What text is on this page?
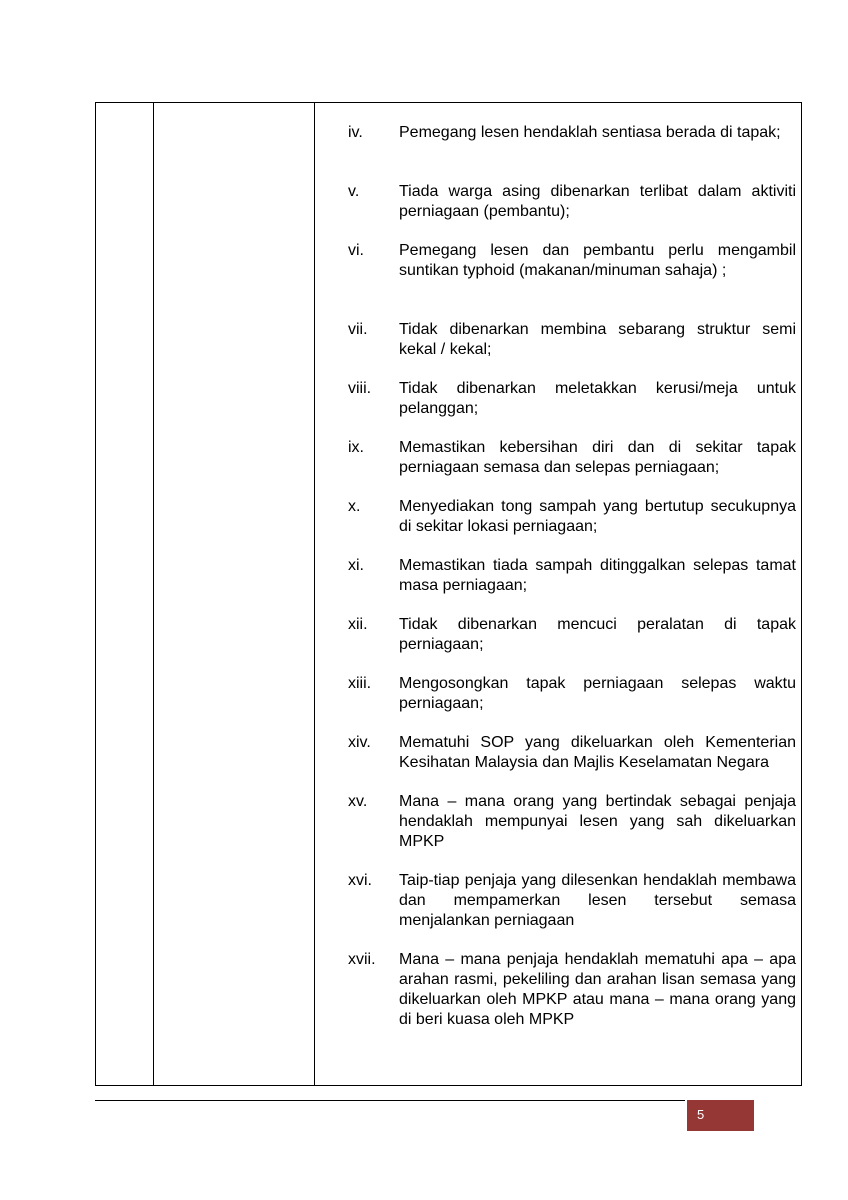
iv. Pemegang lesen hendaklah sentiasa berada di tapak;
v. Tiada warga asing dibenarkan terlibat dalam aktiviti perniagaan (pembantu);
vi. Pemegang lesen dan pembantu perlu mengambil suntikan typhoid (makanan/minuman sahaja) ;
vii. Tidak dibenarkan membina sebarang struktur semi kekal / kekal;
viii. Tidak dibenarkan meletakkan kerusi/meja untuk pelanggan;
ix. Memastikan kebersihan diri dan di sekitar tapak perniagaan semasa dan selepas perniagaan;
x. Menyediakan tong sampah yang bertutup secukupnya di sekitar lokasi perniagaan;
xi. Memastikan tiada sampah ditinggalkan selepas tamat masa perniagaan;
xii. Tidak dibenarkan mencuci peralatan di tapak perniagaan;
xiii. Mengosongkan tapak perniagaan selepas waktu perniagaan;
xiv. Mematuhi SOP yang dikeluarkan oleh Kementerian Kesihatan Malaysia dan Majlis Keselamatan Negara
xv. Mana – mana orang yang bertindak sebagai penjaja hendaklah mempunyai lesen yang sah dikeluarkan MPKP
xvi. Taip-tiap penjaja yang dilesenkan hendaklah membawa dan mempamerkan lesen tersebut semasa menjalankan perniagaan
xvii. Mana – mana penjaja hendaklah mematuhi apa – apa arahan rasmi, pekeliling dan arahan lisan semasa yang dikeluarkan oleh MPKP atau mana – mana orang yang di beri kuasa oleh MPKP
5
